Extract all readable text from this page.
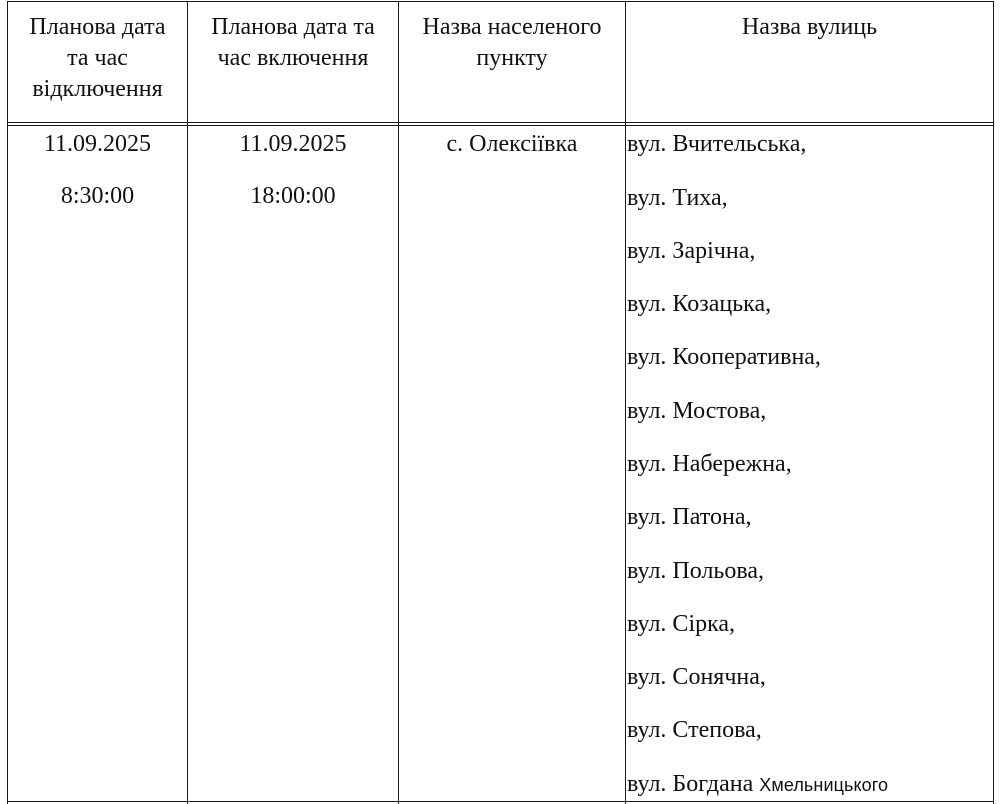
Планова дата
та час
відключення
Планова дата та
час включення
Назва населеного
пункту
Назва вулиць
11.09.2025
8:30:00
11.09.2025
18:00:00
с. Олексіївка	вул. Вчительська,
вул. Тиха,
вул. Зарічна,
вул. Козацька,
вул. Кооперативна,
вул. Мостова,
вул. Набережна,
вул. Патона,
вул. Польова,
вул. Сірка,
вул. Сонячна,
вул. Степова,
вул. Богдана Хмельницького
